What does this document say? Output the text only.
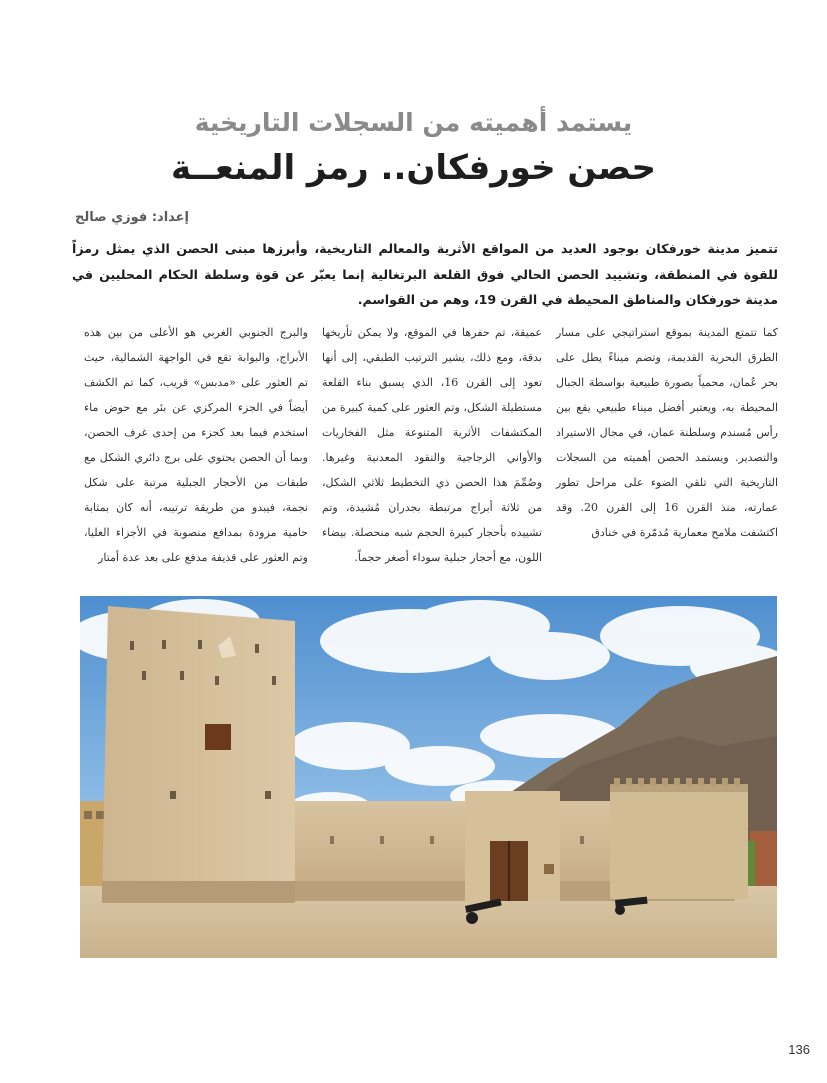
يستمد أهميته من السجلات التاريخية
حصن خورفكان.. رمز المنعــة
إعداد: فوزي صالح
تتميز مدينة خورفكان بوجود العديد من المواقع الأثرية والمعالم التاريخية، وأبرزها مبنى الحصن الذي يمثل رمزاً للقوة في المنطقة، وتشييد الحصن الحالي فوق القلعة البرتغالية إنما يعبّر عن قوة وسلطة الحكام المحليين في مدينة خورفكان والمناطق المحيطة في القرن 19، وهم من القواسم.
كما تتمتع المدينة بموقع استراتيجي على مسار الطرق البحرية القديمة، وتضم ميناءً يطل على بحر عُمان، محمياً بصورة طبيعية بواسطة الجبال المحيطة به، ويعتبر أفضل ميناء طبيعي يقع بين رأس مُسندم وسلطنة عمان، في مجال الاستيراد والتصدير. ويستمد الحصن أهميته من السجلات التاريخية التي تلقي الضوء على مراحل تطور عمارته، منذ القرن 16 إلى القرن 20. وقد اكتشفت ملامح معمارية مُدمّرة في خنادق
عميقة، تم حفرها في الموقع، ولا يمكن تأريخها بدقة، ومع ذلك، يشير الترتيب الطبقي، إلى أنها تعود إلى القرن 16، الذي يسبق بناء القلعة مستطيلة الشكل، وتم العثور على كمية كبيرة من المكتشفات الأثرية المتنوعة مثل الفخاريات والأواني الزجاجية والنقود المعدنية وغيرها. وصُمِّمَ هذا الحصن ذي التخطيط ثلاثي الشكل، من ثلاثة أبراج مرتبطة بجدران مُشيدة، وتم تشييده بأحجار كبيرة الحجم شبه منحصلة. بيضاء اللون، مع أحجار جبلية سوداء أصغر حجماً.
والبرج الجنوبي الغربي هو الأعلى من بين هذه الأبراج، والبوابة تقع في الواجهة الشمالية، حيث تم العثور على «مدبس» قريب، كما تم الكشف أيضاً في الجزء المركزي عن بئر مع حوض ماء استخدم فيما بعد كجزء من إحدى غرف الحصن، وبما أن الحصن يحتوي على برج دائري الشكل مع طبقات من الأحجار الجبلية مرتبة على شكل نجمة، فيبدو من طريقة ترتيبه، أنه كان بمثابة حامية مزودة بمدافع منصوبة في الأجزاء العليا، وتم العثور على قذيفة مدفع على بعد عدة أمتار
136
